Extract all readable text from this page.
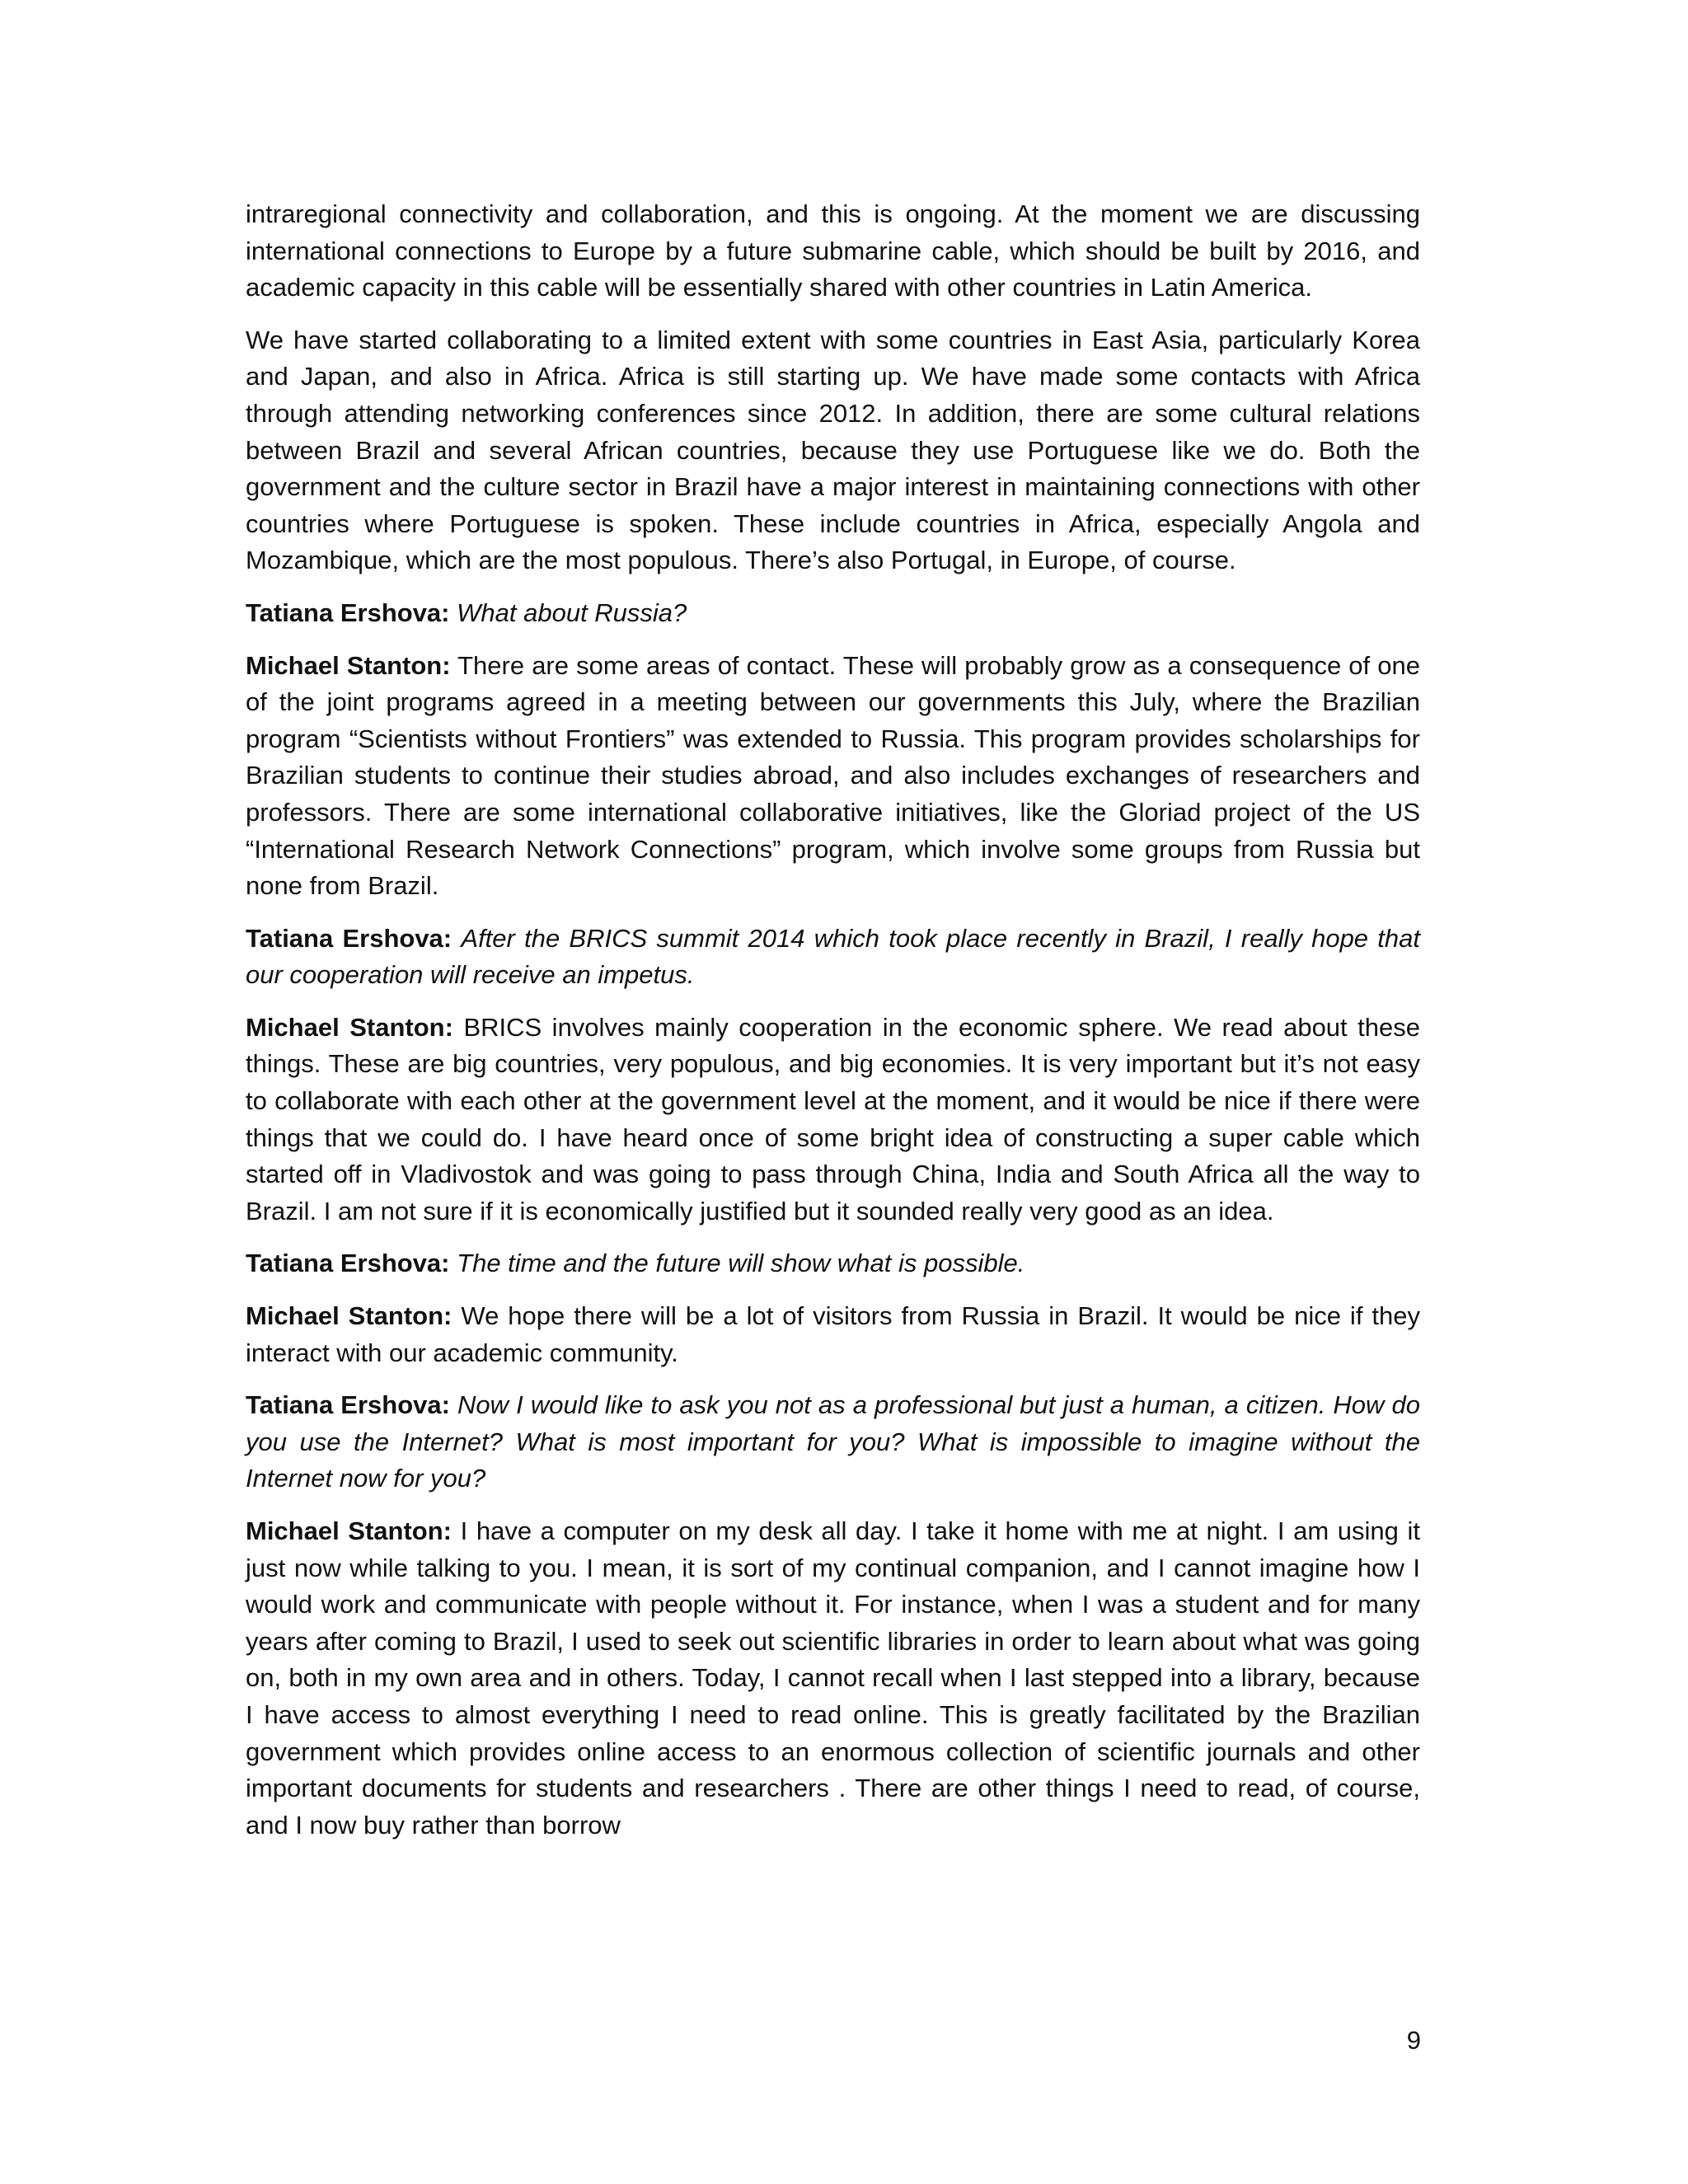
intraregional connectivity and collaboration, and this is ongoing. At the moment we are discussing international connections to Europe by a future submarine cable, which should be built by 2016, and academic capacity in this cable will be essentially shared with other countries in Latin America.

We have started collaborating to a limited extent with some countries in East Asia, particularly Korea and Japan, and also in Africa. Africa is still starting up. We have made some contacts with Africa through attending networking conferences since 2012. In addition, there are some cultural relations between Brazil and several African countries, because they use Portuguese like we do. Both the government and the culture sector in Brazil have a major interest in maintaining connections with other countries where Portuguese is spoken. These include countries in Africa, especially Angola and Mozambique, which are the most populous. There’s also Portugal, in Europe, of course.

Tatiana Ershova: What about Russia?

Michael Stanton: There are some areas of contact. These will probably grow as a consequence of one of the joint programs agreed in a meeting between our governments this July, where the Brazilian program “Scientists without Frontiers” was extended to Russia. This program provides scholarships for Brazilian students to continue their studies abroad, and also includes exchanges of researchers and professors. There are some international collaborative initiatives, like the Gloriad project of the US “International Research Network Connections” program, which involve some groups from Russia but none from Brazil.

Tatiana Ershova: After the BRICS summit 2014 which took place recently in Brazil, I really hope that our cooperation will receive an impetus.

Michael Stanton: BRICS involves mainly cooperation in the economic sphere. We read about these things. These are big countries, very populous, and big economies. It is very important but it’s not easy to collaborate with each other at the government level at the moment, and it would be nice if there were things that we could do. I have heard once of some bright idea of constructing a super cable which started off in Vladivostok and was going to pass through China, India and South Africa all the way to Brazil. I am not sure if it is economically justified but it sounded really very good as an idea.

Tatiana Ershova: The time and the future will show what is possible.

Michael Stanton: We hope there will be a lot of visitors from Russia in Brazil. It would be nice if they interact with our academic community.

Tatiana Ershova: Now I would like to ask you not as a professional but just a human, a citizen. How do you use the Internet? What is most important for you? What is impossible to imagine without the Internet now for you?

Michael Stanton: I have a computer on my desk all day. I take it home with me at night. I am using it just now while talking to you. I mean, it is sort of my continual companion, and I cannot imagine how I would work and communicate with people without it. For instance, when I was a student and for many years after coming to Brazil, I used to seek out scientific libraries in order to learn about what was going on, both in my own area and in others. Today, I cannot recall when I last stepped into a library, because I have access to almost everything I need to read online. This is greatly facilitated by the Brazilian government which provides online access to an enormous collection of scientific journals and other important documents for students and researchers . There are other things I need to read, of course, and I now buy rather than borrow

9
